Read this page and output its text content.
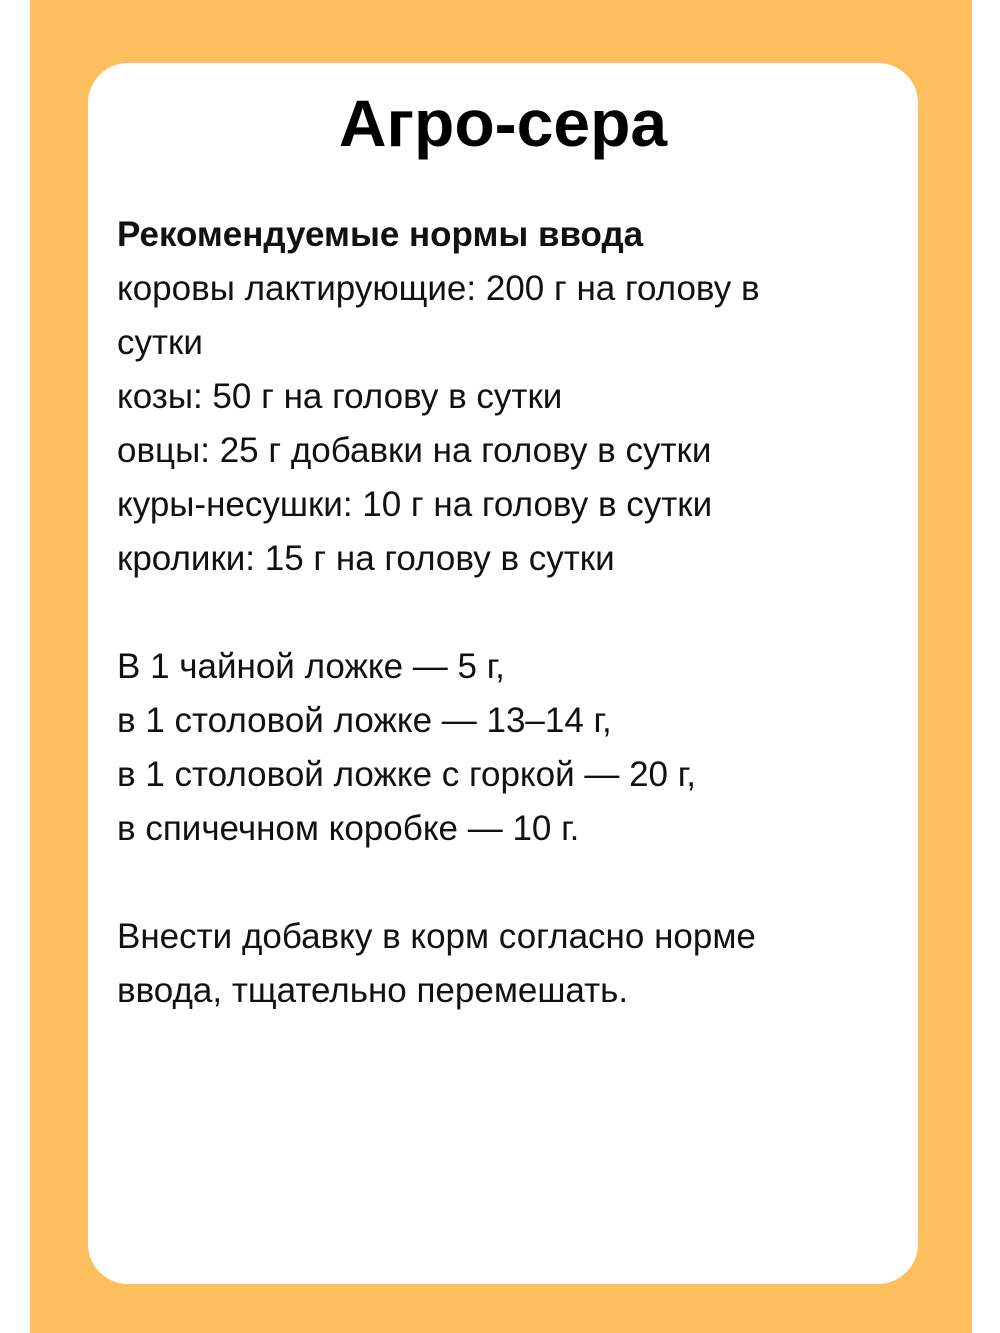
Агро-сера
Рекомендуемые нормы ввода
коровы лактирующие: 200 г на голову в
сутки
козы: 50 г на голову в сутки
овцы: 25 г добавки на голову в сутки
куры-несушки: 10 г на голову в сутки
кролики: 15 г на голову в сутки
В 1 чайной ложке — 5 г,
в 1 столовой ложке — 13–14 г,
в 1 столовой ложке с горкой — 20 г,
в спичечном коробке — 10 г.
Внести добавку в корм согласно норме
ввода, тщательно перемешать.
